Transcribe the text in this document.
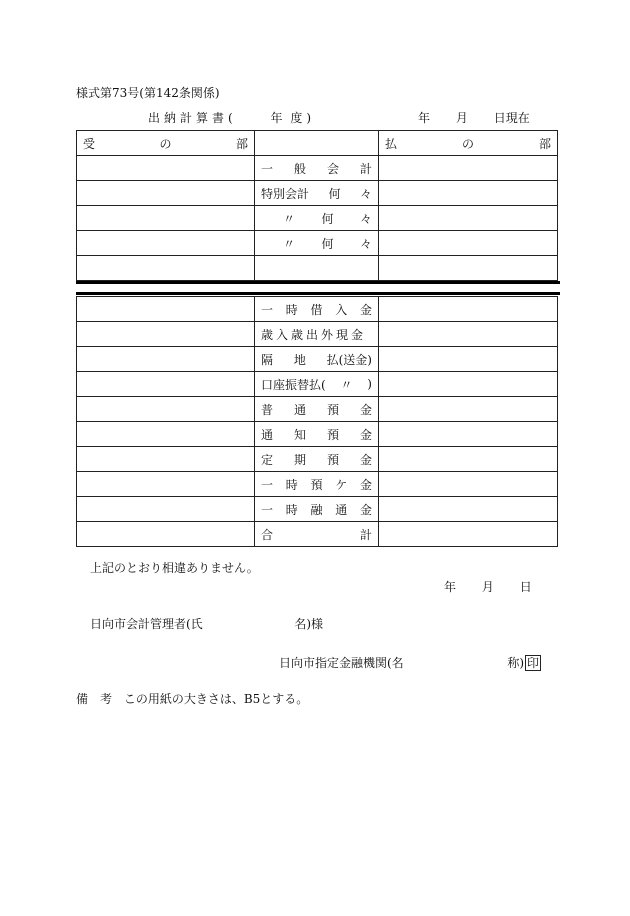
様式第73号(第142条関係)
出納計算書(	年 度)	年 月 日現在
受 の 部		払 の 部

	一 般 会 計	

	特別会計 何 々	

	〃 何 々	

	〃 何 々	

	一 時 借 入 金	

	歳入歳出外現金	

	隔 地 払(送金)	

	口座振替払( 〃 )	

	普 通 預 金	

	通 知 預 金	

	定 期 預 金	

	一 時 預 ケ 金	

	一 時 融 通 金	

	合 計	

上記のとおり相違ありません。
年 月 日
日向市会計管理者(氏	名)様
日向市指定金融機関(名	称) 印
備　考 この用紙の大きさは、B5とする。
